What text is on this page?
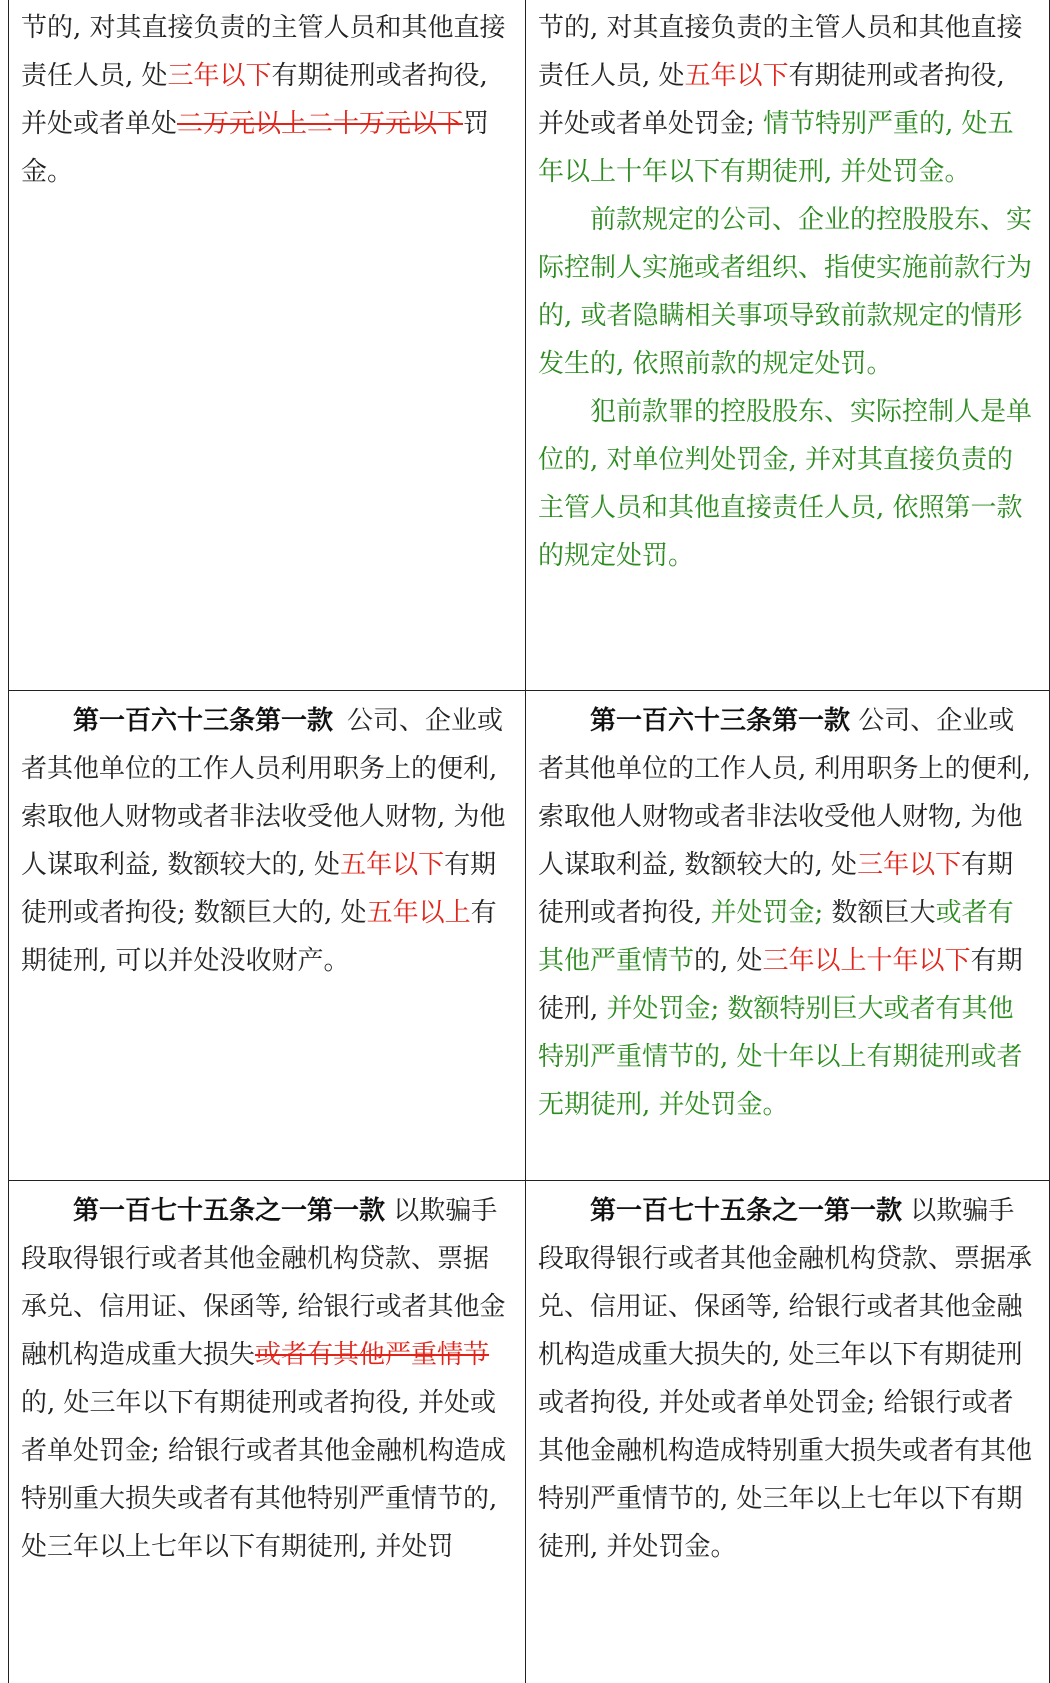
节的, 对其直接负责的主管人员和其他直接责任人员, 处三年以下有期徒刑或者拘役, 并处或者单处二万元以上二十万元以下罚金。	节的, 对其直接负责的主管人员和其他直接责任人员, 处五年以下有期徒刑或者拘役, 并处或者单处罚金; 情节特别严重的, 处五年以上十年以下有期徒刑, 并处罚金。
前款规定的公司、企业的控股股东、实际控制人实施或者组织、指使实施前款行为的, 或者隐瞒相关事项导致前款规定的情形发生的, 依照前款的规定处罚。
犯前款罪的控股股东、实际控制人是单位的, 对单位判处罚金, 并对其直接负责的主管人员和其他直接责任人员, 依照第一款的规定处罚。

第一百六十三条第一款 公司、企业或者其他单位的工作人员利用职务上的便利, 索取他人财物或者非法收受他人财物, 为他人谋取利益, 数额较大的, 处五年以下有期徒刑或者拘役; 数额巨大的, 处五年以上有期徒刑, 可以并处没收财产。	第一百六十三条第一款 公司、企业或者其他单位的工作人员, 利用职务上的便利, 索取他人财物或者非法收受他人财物, 为他人谋取利益, 数额较大的, 处三年以下有期徒刑或者拘役, 并处罚金; 数额巨大或者有其他严重情节的, 处三年以上十年以下有期徒刑, 并处罚金; 数额特别巨大或者有其他特别严重情节的, 处十年以上有期徒刑或者无期徒刑, 并处罚金。

第一百七十五条之一第一款 以欺骗手段取得银行或者其他金融机构贷款、票据承兑、信用证、保函等, 给银行或者其他金融机构造成重大损失或者有其他严重情节的, 处三年以下有期徒刑或者拘役, 并处或者单处罚金; 给银行或者其他金融机构造成特别重大损失或者有其他特别严重情节的, 处三年以上七年以下有期徒刑, 并处罚	第一百七十五条之一第一款 以欺骗手段取得银行或者其他金融机构贷款、票据承兑、信用证、保函等, 给银行或者其他金融机构造成重大损失的, 处三年以下有期徒刑或者拘役, 并处或者单处罚金; 给银行或者其他金融机构造成特别重大损失或者有其他特别严重情节的, 处三年以上七年以下有期徒刑, 并处罚金。
